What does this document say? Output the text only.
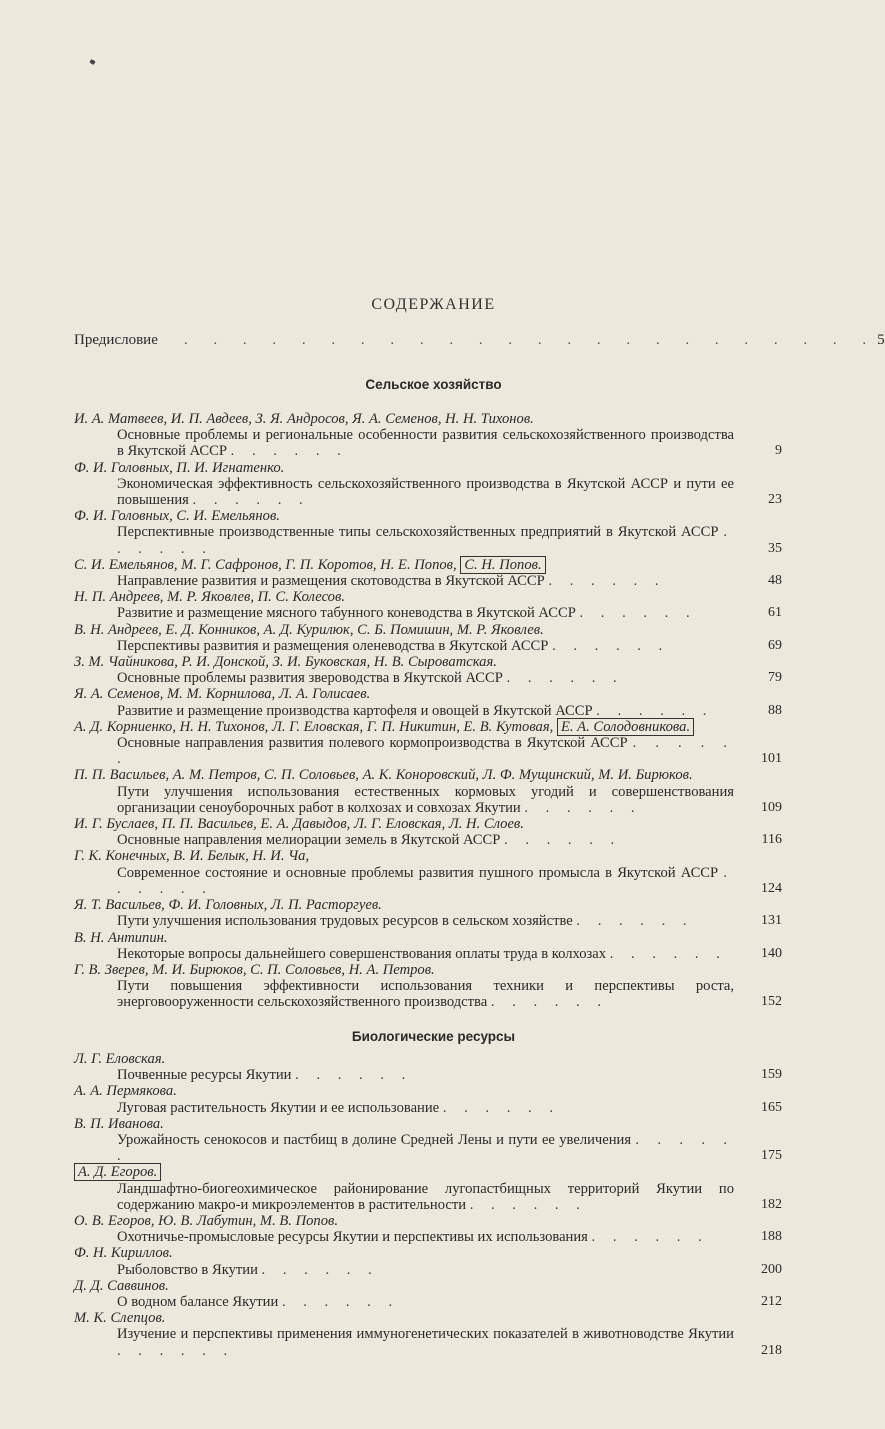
СОДЕРЖАНИЕ
Предисловие	. . . . . . . . . . . . . . . . . . . . . . . . 5
Сельское хозяйство
И. А. Матвеев, И. П. Авдеев, З. Я. Андросов, Я. А. Семенов, Н. Н. Тихонов.
Основные проблемы и региональные особенности развития сельскохозяйственного производства в Якутской АССР . . . . . .	9
Ф. И. Головных, П. И. Игнатенко.
Экономическая эффективность сельскохозяйственного производства в Якутской АССР и пути ее повышения . . . . . .	23
Ф. И. Головных, С. И. Емельянов.
Перспективные производственные типы сельскохозяйственных предприятий в Якутской АССР . . . . . .	35
С. И. Емельянов, М. Г. Сафронов, Г. П. Коротов, Н. Е. Попов, С. Н. Попов.
Направление развития и размещения скотоводства в Якутской АССР . . . . . .	48
Н. П. Андреев, М. Р. Яковлев, П. С. Колесов.
Развитие и размещение мясного табунного коневодства в Якутской АССР . . . . . .	61
В. Н. Андреев, Е. Д. Конников, А. Д. Курилюк, С. Б. Помишин, М. Р. Яковлев.
Перспективы развития и размещения оленеводства в Якутской АССР . . . . . .	69
З. М. Чайникова, Р. И. Донской, З. И. Буковская, Н. В. Сыроватская.
Основные проблемы развития звероводства в Якутской АССР . . . . . .	79
Я. А. Семенов, М. М. Корнилова, Л. А. Голисаев.
Развитие и размещение производства картофеля и овощей в Якутской АССР . . . . . .	88
А. Д. Корниенко, Н. Н. Тихонов, Л. Г. Еловская, Г. П. Никитин, Е. В. Кутовая, Е. А. Солодовникова.
Основные направления развития полевого кормопроизводства в Якутской АССР . . . . . .	101
П. П. Васильев, А. М. Петров, С. П. Соловьев, А. К. Коноровский, Л. Ф. Мущинский, М. И. Бирюков.
Пути улучшения использования естественных кормовых угодий и совершенствования организации сеноуборочных работ в колхозах и совхозах Якутии . . . . . .	109
И. Г. Буслаев, П. П. Васильев, Е. А. Давыдов, Л. Г. Еловская, Л. Н. Слоев.
Основные направления мелиорации земель в Якутской АССР . . . . . .	116
Г. К. Конечных, В. И. Белык, Н. И. Ча,
Современное состояние и основные проблемы развития пушного промысла в Якутской АССР . . . . . .	124
Я. Т. Васильев, Ф. И. Головных, Л. П. Расторгуев.
Пути улучшения использования трудовых ресурсов в сельском хозяйстве . . . . . .	131
В. Н. Антипин.
Некоторые вопросы дальнейшего совершенствования оплаты труда в колхозах . . . . . .	140
Г. В. Зверев, М. И. Бирюков, С. П. Соловьев, Н. А. Петров.
Пути повышения эффективности использования техники и перспективы роста, энерговооруженности сельскохозяйственного производства . . . . . .	152
Биологические ресурсы
Л. Г. Еловская.
Почвенные ресурсы Якутии . . . . . .	159
А. А. Пермякова.
Луговая растительность Якутии и ее использование . . . . . .	165
В. П. Иванова.
Урожайность сенокосов и пастбищ в долине Средней Лены и пути ее увеличения . . . . . .	175
А. Д. Егоров.
Ландшафтно-биогеохимическое районирование лугопастбищных территорий Якутии по содержанию макро-и микроэлементов в растительности . . . . . .	182
О. В. Егоров, Ю. В. Лабутин, М. В. Попов.
Охотничье-промысловые ресурсы Якутии и перспективы их использования . . . . . .	188
Ф. Н. Кириллов.
Рыболовство в Якутии . . . . . .	200
Д. Д. Саввинов.
О водном балансе Якутии . . . . . .	212
М. К. Слепцов.
Изучение и перспективы применения иммуногенетических показателей в животноводстве Якутии . . . . . .	218
